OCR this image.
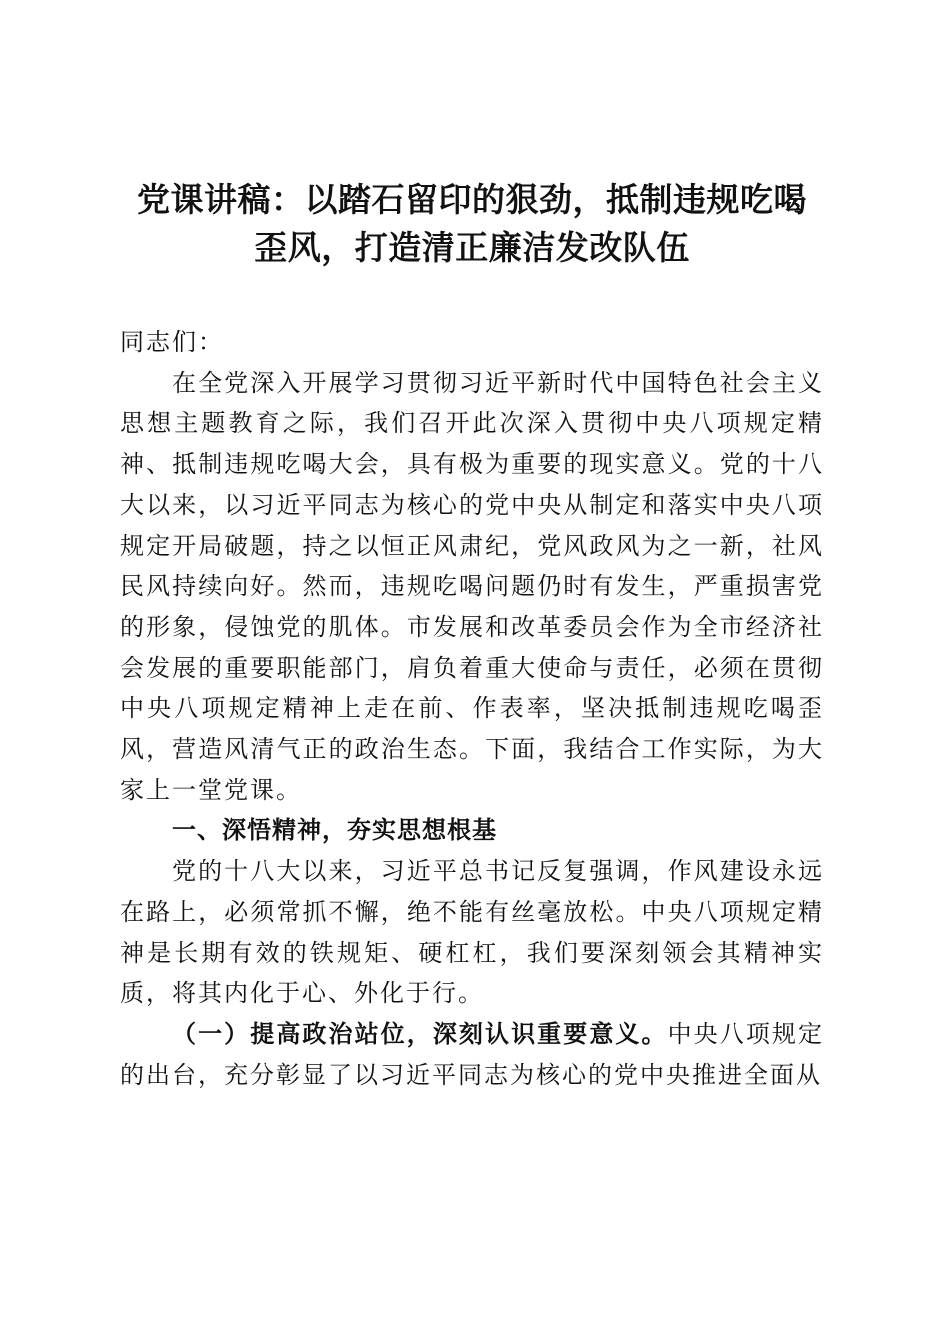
党课讲稿：以踏石留印的狠劲，抵制违规吃喝
歪风，打造清正廉洁发改队伍

同志们：

在全党深入开展学习贯彻习近平新时代中国特色社会主义思想主题教育之际，我们召开此次深入贯彻中央八项规定精神、抵制违规吃喝大会，具有极为重要的现实意义。党的十八大以来，以习近平同志为核心的党中央从制定和落实中央八项规定开局破题，持之以恒正风肃纪，党风政风为之一新，社风民风持续向好。然而，违规吃喝问题仍时有发生，严重损害党的形象，侵蚀党的肌体。市发展和改革委员会作为全市经济社会发展的重要职能部门，肩负着重大使命与责任，必须在贯彻中央八项规定精神上走在前、作表率，坚决抵制违规吃喝歪风，营造风清气正的政治生态。下面，我结合工作实际，为大家上一堂党课。

一、深悟精神，夯实思想根基

党的十八大以来，习近平总书记反复强调，作风建设永远在路上，必须常抓不懈，绝不能有丝毫放松。中央八项规定精神是长期有效的铁规矩、硬杠杠，我们要深刻领会其精神实质，将其内化于心、外化于行。

（一）提高政治站位，深刻认识重要意义。中央八项规定的出台，充分彰显了以习近平同志为核心的党中央推进全面从
